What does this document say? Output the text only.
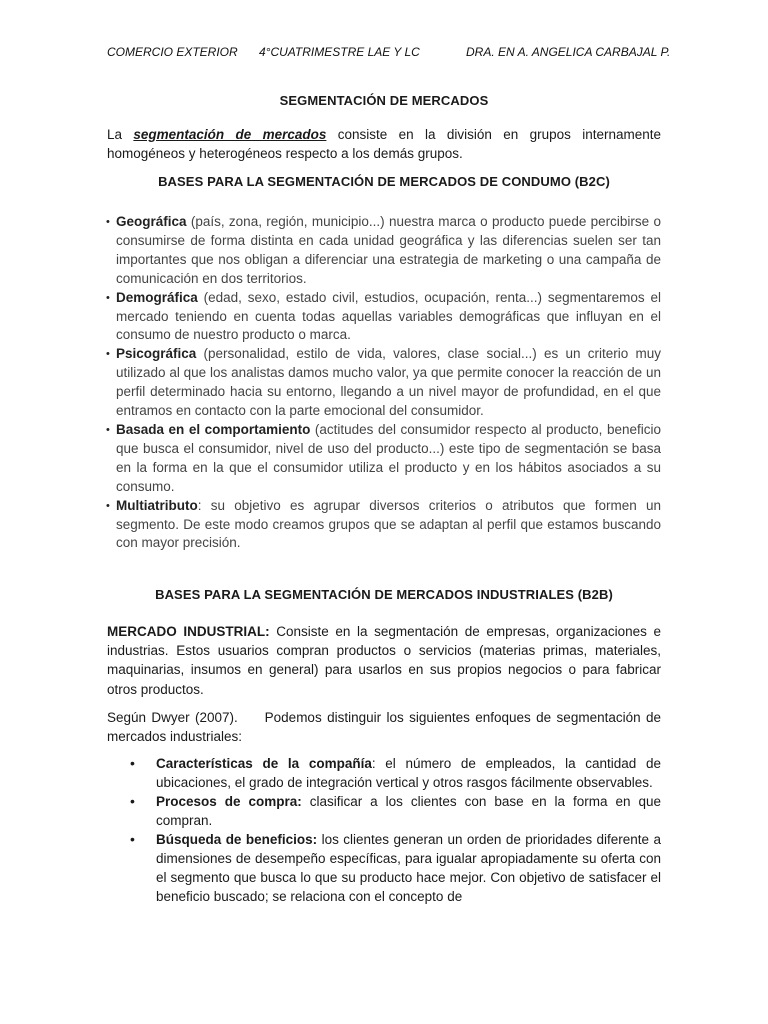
COMERCIO EXTERIOR 4°CUATRIMESTRE LAE Y LC	DRA. EN A. ANGELICA CARBAJAL P.
SEGMENTACIÓN DE MERCADOS
La segmentación de mercados consiste en la división en grupos internamente homogéneos y heterogéneos respecto a los demás grupos.
BASES PARA LA SEGMENTACIÓN DE MERCADOS DE CONDUMO (B2C)
• Geográfica (país, zona, región, municipio...) nuestra marca o producto puede percibirse o consumirse de forma distinta en cada unidad geográfica y las diferencias suelen ser tan importantes que nos obligan a diferenciar una estrategia de marketing o una campaña de comunicación en dos territorios.
• Demográfica (edad, sexo, estado civil, estudios, ocupación, renta...) segmentaremos el mercado teniendo en cuenta todas aquellas variables demográficas que influyan en el consumo de nuestro producto o marca.
• Psicográfica (personalidad, estilo de vida, valores, clase social...) es un criterio muy utilizado al que los analistas damos mucho valor, ya que permite conocer la reacción de un perfil determinado hacia su entorno, llegando a un nivel mayor de profundidad, en el que entramos en contacto con la parte emocional del consumidor.
• Basada en el comportamiento (actitudes del consumidor respecto al producto, beneficio que busca el consumidor, nivel de uso del producto...) este tipo de segmentación se basa en la forma en la que el consumidor utiliza el producto y en los hábitos asociados a su consumo.
• Multiatributo: su objetivo es agrupar diversos criterios o atributos que formen un segmento. De este modo creamos grupos que se adaptan al perfil que estamos buscando con mayor precisión.
BASES PARA LA SEGMENTACIÓN DE MERCADOS INDUSTRIALES (B2B)
MERCADO INDUSTRIAL: Consiste en la segmentación de empresas, organizaciones e industrias. Estos usuarios compran productos o servicios (materias primas, materiales, maquinarias, insumos en general) para usarlos en sus propios negocios o para fabricar otros productos.
Según Dwyer (2007).     Podemos distinguir los siguientes enfoques de segmentación de mercados industriales:
• Características de la compañía: el número de empleados, la cantidad de ubicaciones, el grado de integración vertical y otros rasgos fácilmente observables.
• Procesos de compra: clasificar a los clientes con base en la forma en que compran.
• Búsqueda de beneficios: los clientes generan un orden de prioridades diferente a dimensiones de desempeño específicas, para igualar apropiadamente su oferta con el segmento que busca lo que su producto hace mejor. Con objetivo de satisfacer el beneficio buscado; se relaciona con el concepto de
